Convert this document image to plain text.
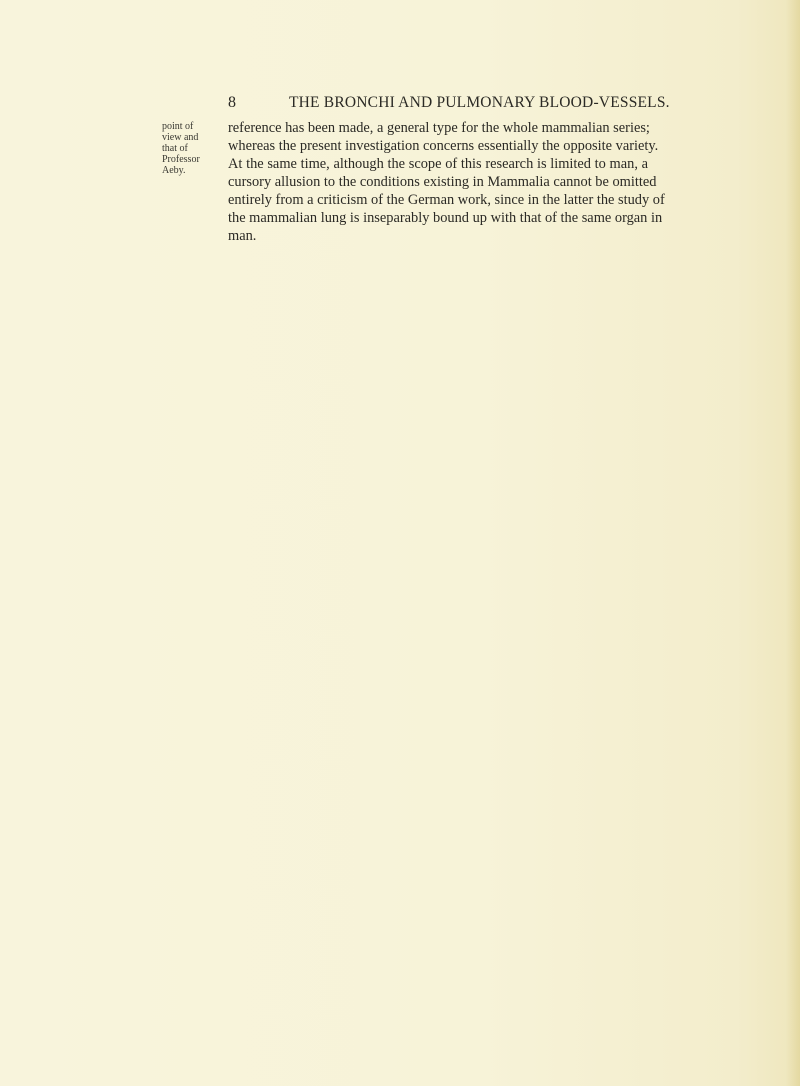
8	THE BRONCHI AND PULMONARY BLOOD-VESSELS.
point of
view and
that of
Professor
Aeby.
reference has been made, a general type for the whole mammalian series;
whereas the present investigation concerns essentially the opposite variety.
At the same time, although the scope of this research is limited to man, a
cursory allusion to the conditions existing in Mammalia cannot be omitted
entirely from a criticism of the German work, since in the latter the study of
the mammalian lung is inseparably bound up with that of the same organ in
man.
